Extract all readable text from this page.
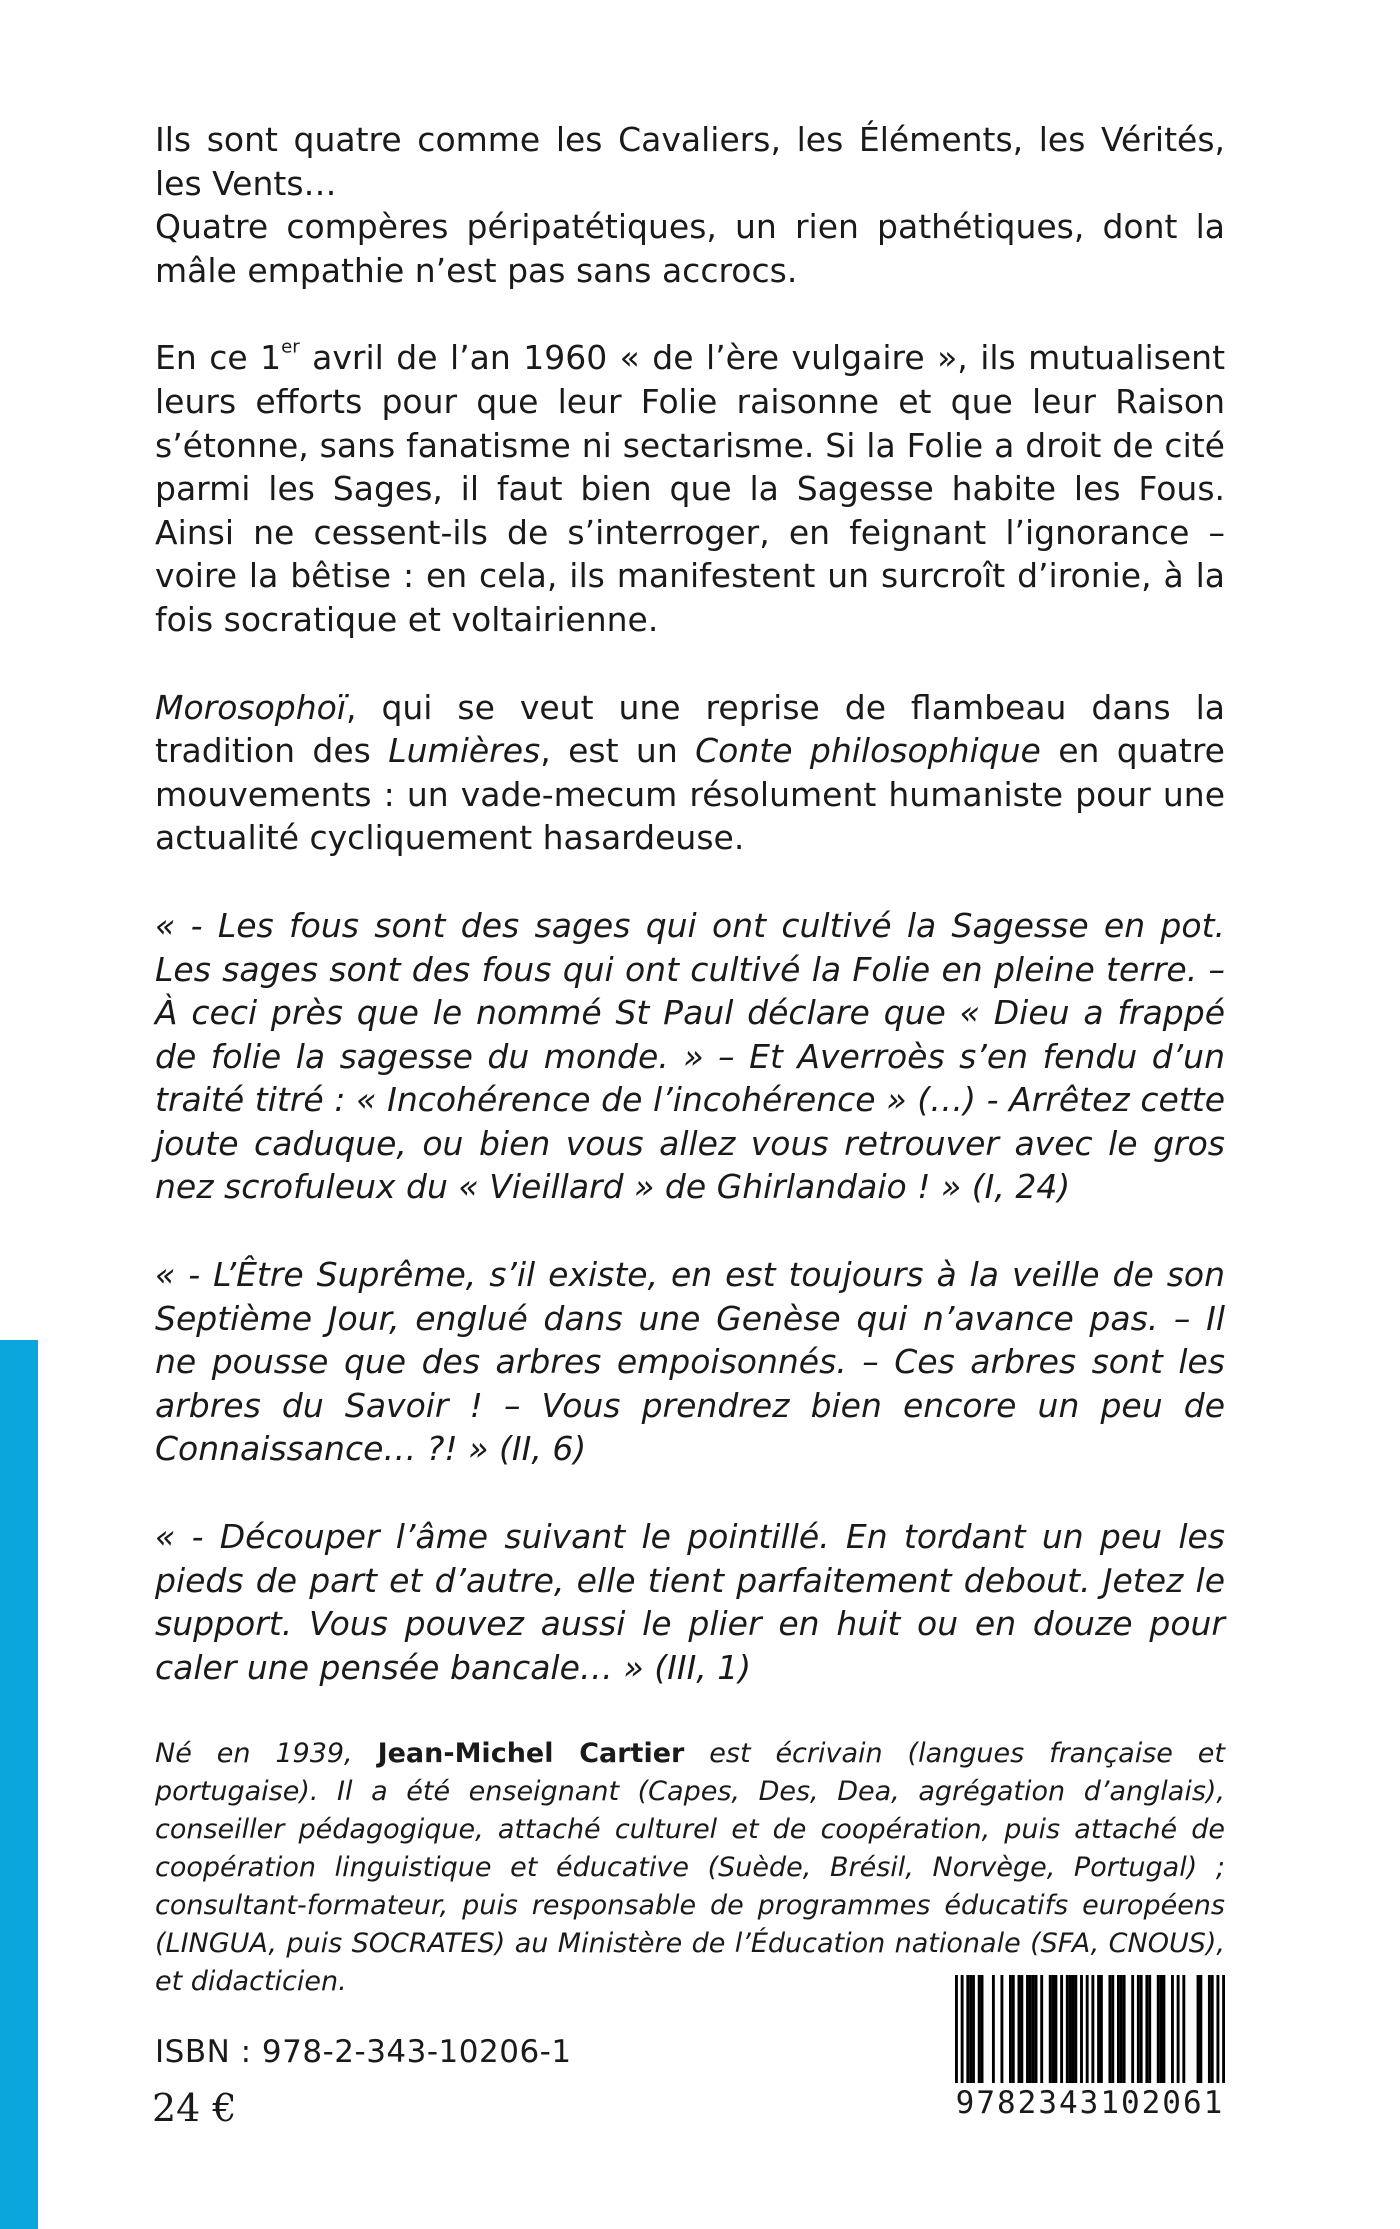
Ils sont quatre comme les Cavaliers, les Éléments, les Vérités, les Vents…
Quatre compères péripatétiques, un rien pathétiques, dont la mâle empathie n’est pas sans accrocs.

En ce 1er avril de l’an 1960 « de l’ère vulgaire », ils mutualisent leurs efforts pour que leur Folie raisonne et que leur Raison s’étonne, sans fanatisme ni sectarisme. Si la Folie a droit de cité parmi les Sages, il faut bien que la Sagesse habite les Fous. Ainsi ne cessent-ils de s’interroger, en feignant l’ignorance – voire la bêtise : en cela, ils manifestent un surcroît d’ironie, à la fois socratique et voltairienne.

Morosophoï, qui se veut une reprise de flambeau dans la tradition des Lumières, est un Conte philosophique en quatre mouvements : un vade-mecum résolument humaniste pour une actualité cycliquement hasardeuse.

« - Les fous sont des sages qui ont cultivé la Sagesse en pot. Les sages sont des fous qui ont cultivé la Folie en pleine terre. – À ceci près que le nommé St Paul déclare que « Dieu a frappé de folie la sagesse du monde. » – Et Averroès s’en fendu d’un traité titré : « Incohérence de l’incohérence » (…) - Arrêtez cette joute caduque, ou bien vous allez vous retrouver avec le gros nez scrofuleux du « Vieillard » de Ghirlandaio ! » (I, 24)

« - L’Être Suprême, s’il existe, en est toujours à la veille de son Septième Jour, englué dans une Genèse qui n’avance pas. – Il ne pousse que des arbres empoisonnés. – Ces arbres sont les arbres du Savoir ! – Vous prendrez bien encore un peu de Connaissance… ?! » (II, 6)

« - Découper l’âme suivant le pointillé. En tordant un peu les pieds de part et d’autre, elle tient parfaitement debout. Jetez le support. Vous pouvez aussi le plier en huit ou en douze pour caler une pensée bancale… » (III, 1)

Né en 1939, Jean-Michel Cartier est écrivain (langues française et portugaise). Il a été enseignant (Capes, Des, Dea, agrégation d’anglais), conseiller pédagogique, attaché culturel et de coopération, puis attaché de coopération linguistique et éducative (Suède, Brésil, Norvège, Portugal) ; consultant-formateur, puis responsable de programmes éducatifs européens (LINGUA, puis SOCRATES) au Ministère de l’Éducation nationale (SFA, CNOUS), et didacticien.

ISBN : 978-2-343-10206-1
24 €	9782343102061
